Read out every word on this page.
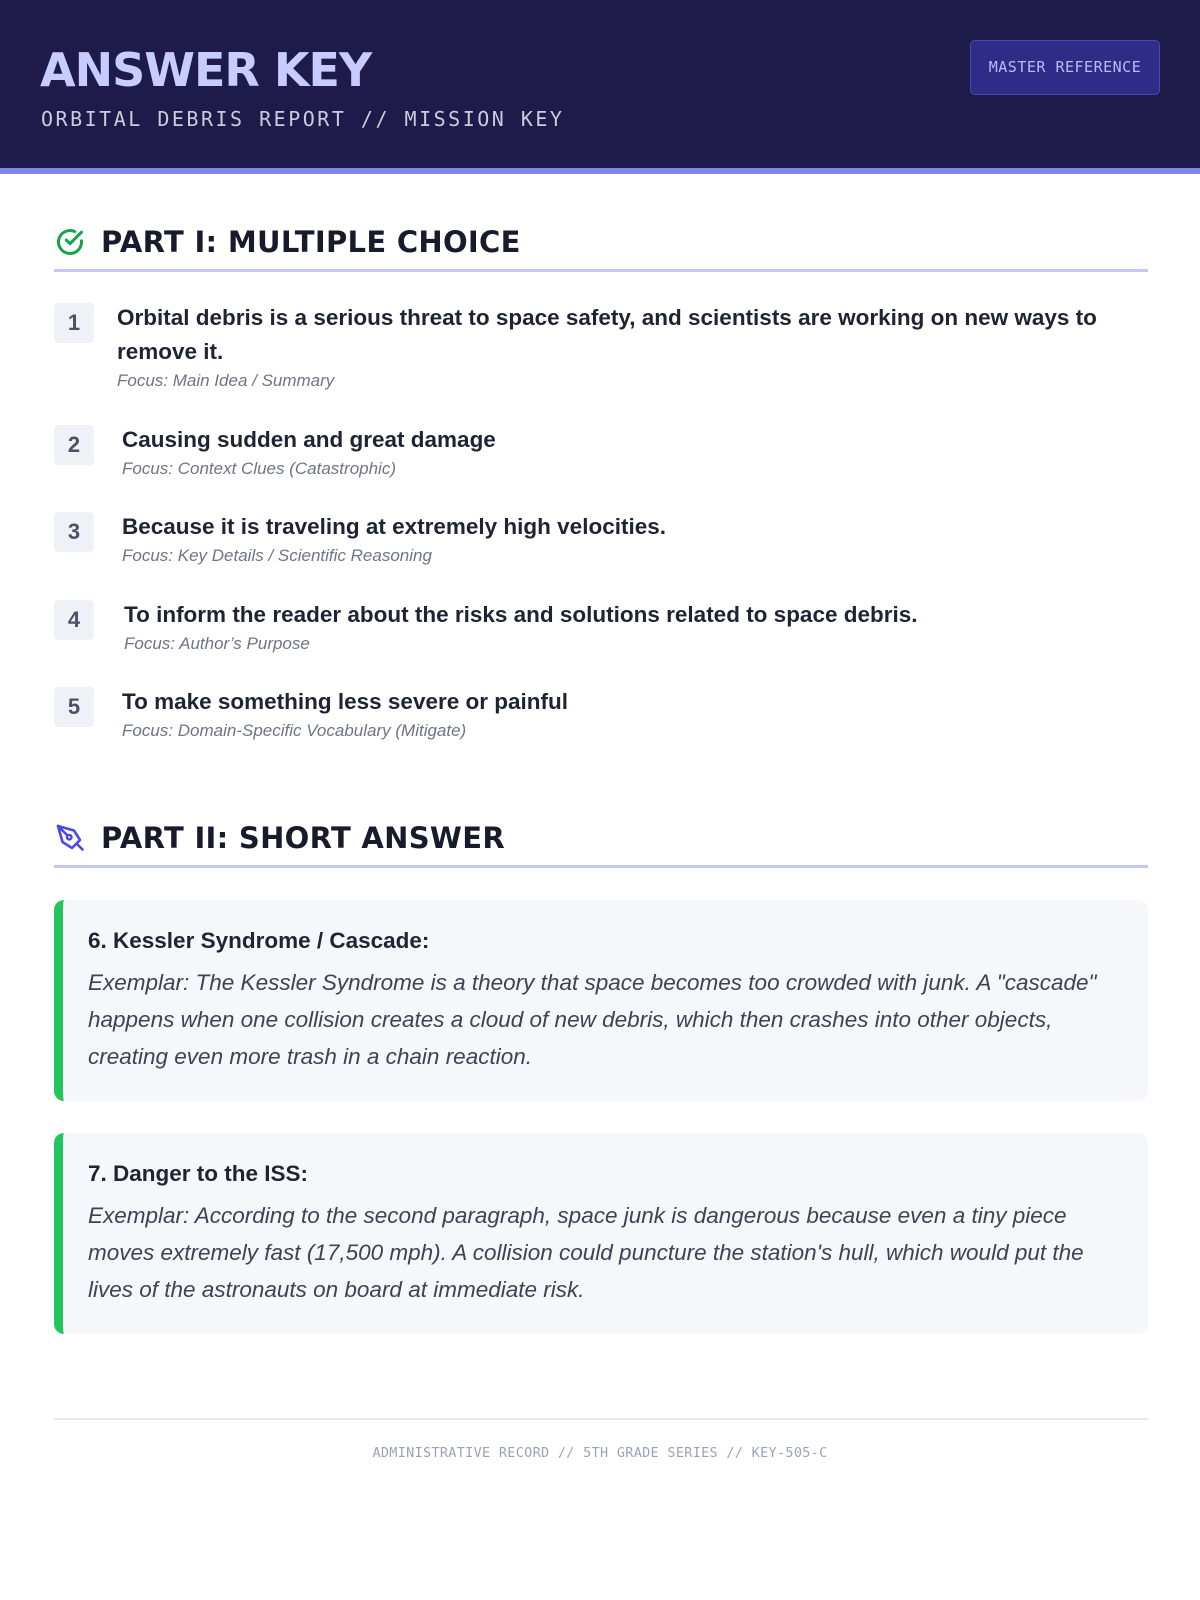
ANSWER KEY
ORBITAL DEBRIS REPORT // MISSION KEY
MASTER REFERENCE
PART I: MULTIPLE CHOICE
1	Orbital debris is a serious threat to space safety, and scientists are working on new ways to remove it.
Focus: Main Idea / Summary
2	Causing sudden and great damage
Focus: Context Clues (Catastrophic)
3	Because it is traveling at extremely high velocities.
Focus: Key Details / Scientific Reasoning
4	To inform the reader about the risks and solutions related to space debris.
Focus: Author’s Purpose
5	To make something less severe or painful
Focus: Domain-Specific Vocabulary (Mitigate)
PART II: SHORT ANSWER
6. Kessler Syndrome / Cascade:
Exemplar: The Kessler Syndrome is a theory that space becomes too crowded with junk. A "cascade" happens when one collision creates a cloud of new debris, which then crashes into other objects, creating even more trash in a chain reaction.
7. Danger to the ISS:
Exemplar: According to the second paragraph, space junk is dangerous because even a tiny piece moves extremely fast (17,500 mph). A collision could puncture the station's hull, which would put the lives of the astronauts on board at immediate risk.
ADMINISTRATIVE RECORD // 5TH GRADE SERIES // KEY-505-C
